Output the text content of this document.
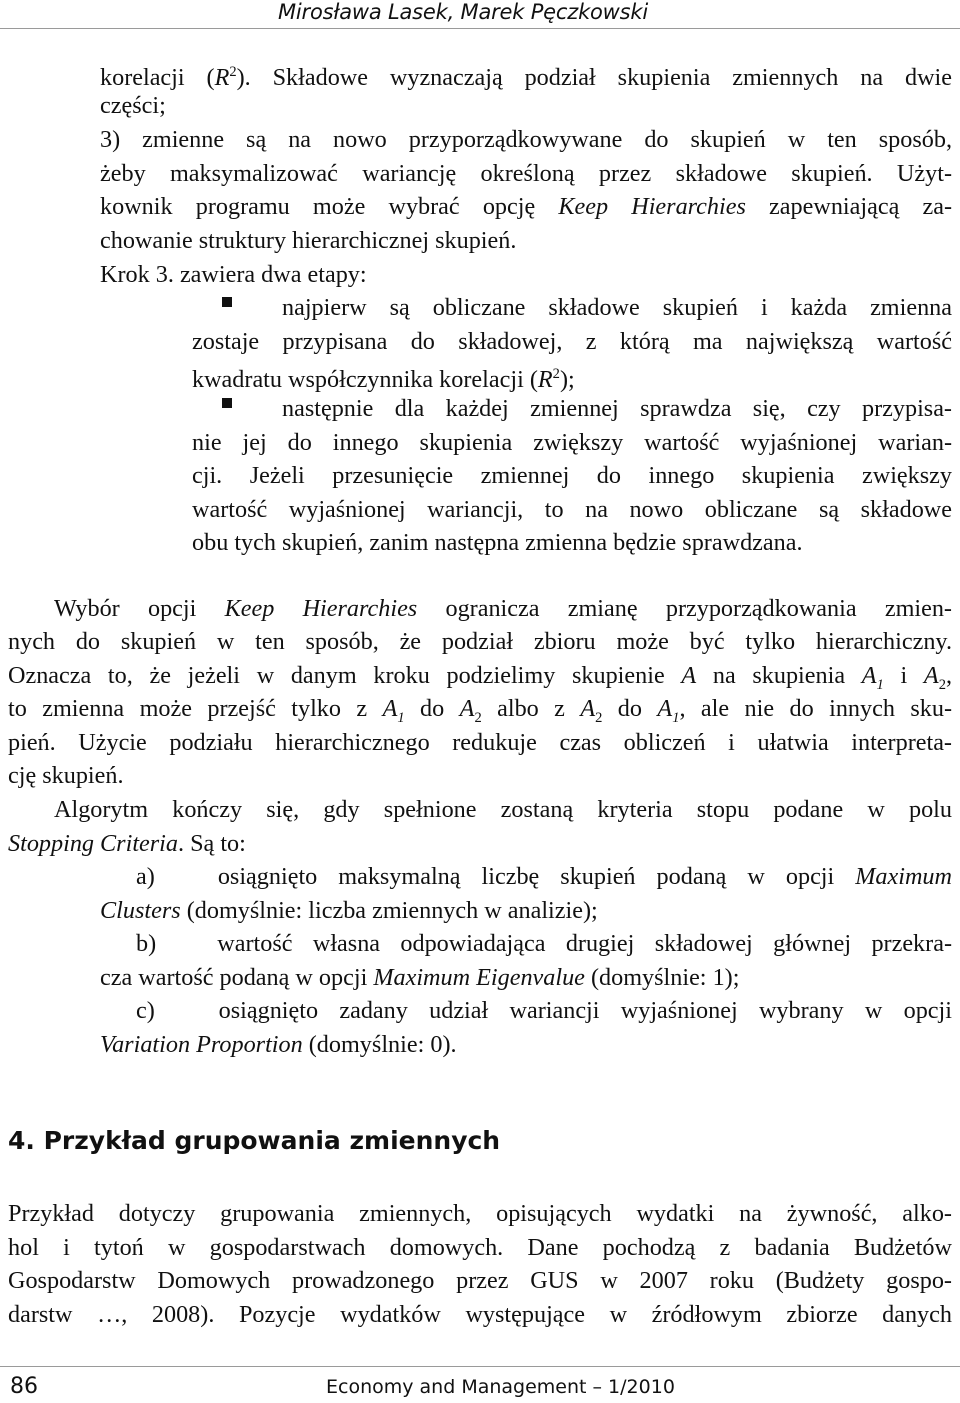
Mirosława Lasek, Marek Pęczkowski

korelacji $(R^2)$. Składowe wyznaczają podział skupienia zmiennych na dwie

części;

3) zmienne są na nowo przyporządkowywane do skupień w ten sposób,

żeby maksymalizować wariancję określoną przez składowe skupień. Użyt-

kownik programu może wybrać opcję Keep Hierarchies zapewniającą za-

chowanie struktury hierarchicznej skupień.

Krok 3. zawiera dwa etapy:

najpierw są obliczane składowe skupień i każda zmienna

zostaje przypisana do składowej, z którą ma największą wartość

kwadratu współczynnika korelacji $(R^2)$;

następnie dla każdej zmiennej sprawdza się, czy przypisa-

nie jej do innego skupienia zwiększy wartość wyjaśnionej warian-

cji. Jeżeli przesunięcie zmiennej do innego skupienia zwiększy

wartość wyjaśnionej wariancji, to na nowo obliczane są składowe

obu tych skupień, zanim następna zmienna będzie sprawdzana.

Wybór opcji Keep Hierarchies ogranicza zmianę przyporządkowania zmien-

nych do skupień w ten sposób, że podział zbioru może być tylko hierarchiczny.

Oznacza to, że jeżeli w danym kroku podzielimy skupienie A na skupienia $A_1$ i $A_2$,

to zmienna może przejść tylko z $A_1$ do $A_2$ albo z $A_2$ do $A_1$, ale nie do innych sku-

pień. Użycie podziału hierarchicznego redukuje czas obliczeń i ułatwia interpreta-

cję skupień.

Algorytm kończy się, gdy spełnione zostaną kryteria stopu podane w polu

Stopping Criteria. Są to:

a)   osiągnięto maksymalną liczbę skupień podaną w opcji Maximum

Clusters (domyślnie: liczba zmiennych w analizie);

b)   wartość własna odpowiadająca drugiej składowej głównej przekra-

cza wartość podaną w opcji Maximum Eigenvalue (domyślnie: 1);

c)   osiągnięto zadany udział wariancji wyjaśnionej wybrany w opcji

Variation Proportion (domyślnie: 0).

4. Przykład grupowania zmiennych

Przykład dotyczy grupowania zmiennych, opisujących wydatki na żywność, alko-

hol i tytoń w gospodarstwach domowych. Dane pochodzą z badania Budżetów

Gospodarstw Domowych prowadzonego przez GUS w 2007 roku (Budżety gospo-

darstw …, 2008). Pozycje wydatków występujące w źródłowym zbiorze danych

86	Economy and Management – 1/2010
